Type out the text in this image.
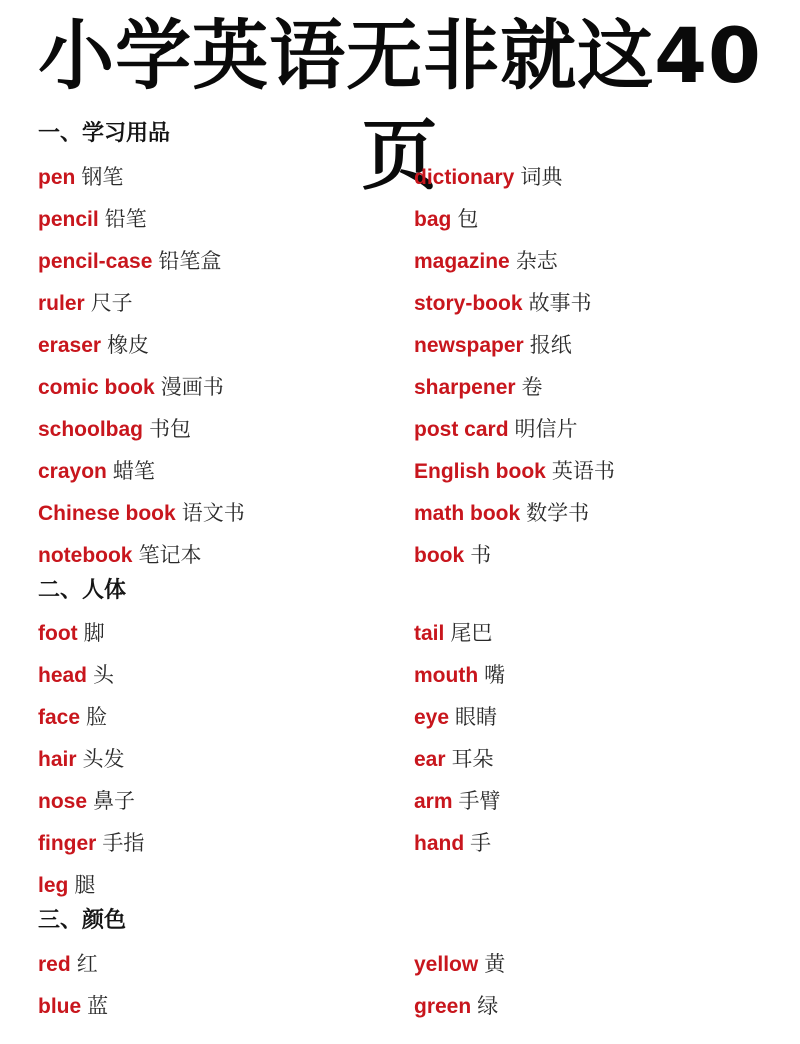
小学英语无非就这40页
一、学习用品
pen 钢笔
pencil 铅笔
pencil-case 铅笔盒
ruler 尺子
eraser 橡皮
comic book 漫画书
schoolbag 书包
crayon 蜡笔
Chinese book 语文书
notebook 笔记本
dictionary 词典
bag 包
magazine 杂志
story-book 故事书
newspaper 报纸
sharpener 卷
post card 明信片
English book 英语书
math book 数学书
book 书
二、人体
foot 脚
head 头
face 脸
hair 头发
nose 鼻子
finger 手指
leg 腿
tail 尾巴
mouth 嘴
eye 眼睛
ear 耳朵
arm 手臂
hand 手
三、颜色
red 红
blue 蓝
yellow 黄
green 绿
